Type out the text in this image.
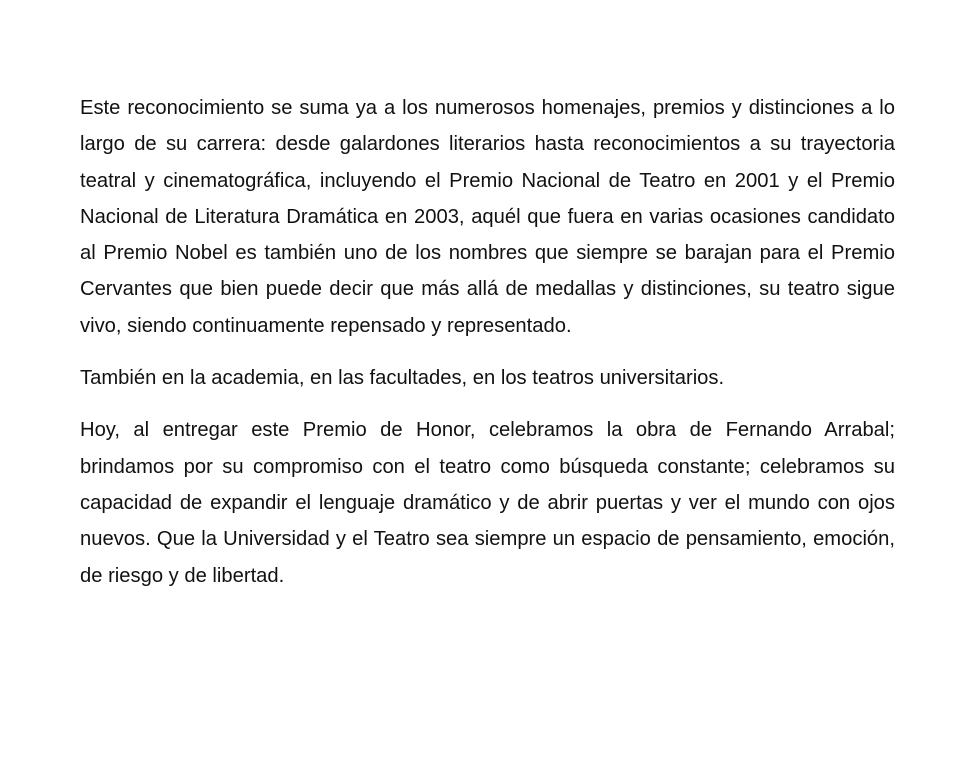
Este reconocimiento se suma ya a los numerosos homenajes, premios y distinciones a lo largo de su carrera: desde galardones literarios hasta reconocimientos a su trayectoria teatral y cinematográfica, incluyendo el Premio Nacional de Teatro en 2001 y el Premio Nacional de Literatura Dramática en 2003, aquél que fuera en varias ocasiones candidato al Premio Nobel es también uno de los nombres que siempre se barajan para el Premio Cervantes que bien puede decir que más allá de medallas y distinciones, su teatro sigue vivo, siendo continuamente repensado y representado.

También en la academia, en las facultades, en los teatros universitarios.

Hoy, al entregar este Premio de Honor, celebramos la obra de Fernando Arrabal; brindamos por su compromiso con el teatro como búsqueda constante; celebramos su capacidad de expandir el lenguaje dramático y de abrir puertas y ver el mundo con ojos nuevos. Que la Universidad y el Teatro sea siempre un espacio de pensamiento, emoción, de riesgo y de libertad.
